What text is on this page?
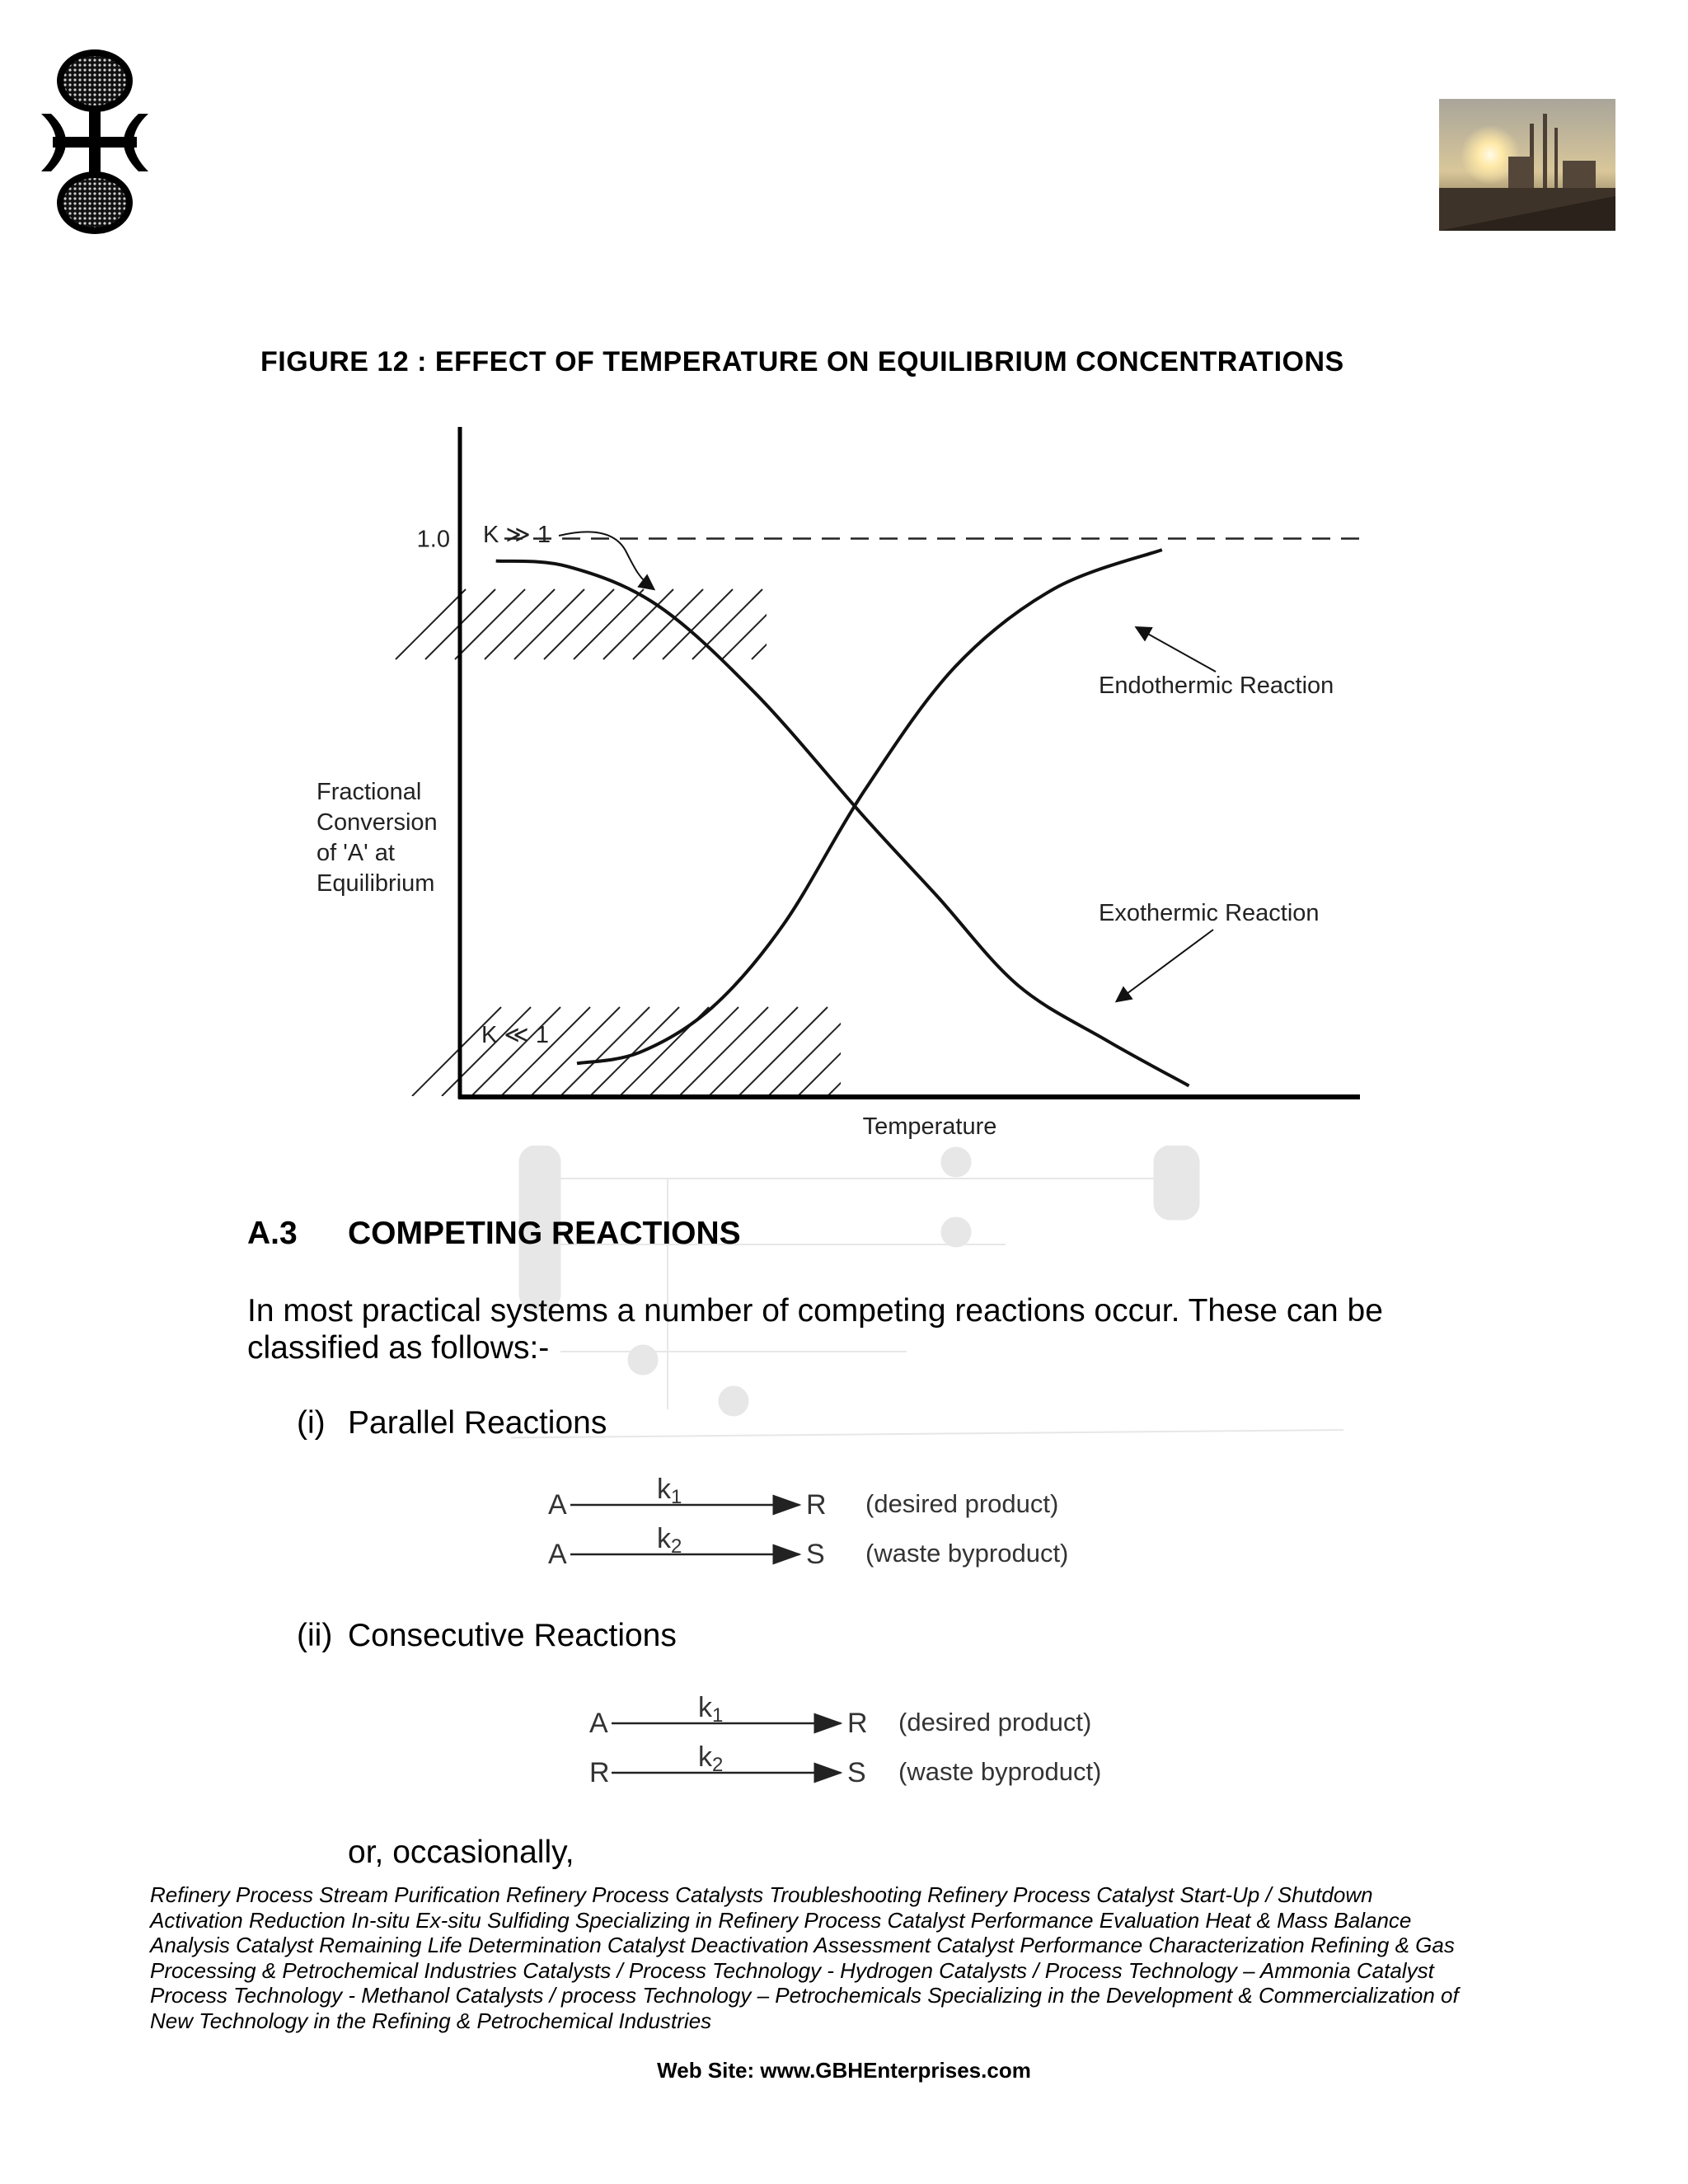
FIGURE 12 : EFFECT OF TEMPERATURE ON EQUILIBRIUM CONCENTRATIONS
1.0 K ≫ 1
K ≪ 1
Endothermic Reaction
Exothermic Reaction
Fractional
Conversion
of 'A' at
Equilibrium
Temperature
A.3 COMPETING REACTIONS
In most practical systems a number of competing reactions occur. These can be classified as follows:-
(i) Parallel Reactions
A	k1	R (desired product)
A	k2	S (waste byproduct)
(ii) Consecutive Reactions
A	k1	R (desired product)
R	k2	S (waste byproduct)
or, occasionally,
Refinery Process Stream Purification Refinery Process Catalysts Troubleshooting Refinery Process Catalyst Start-Up / Shutdown Activation Reduction In-situ Ex-situ Sulfiding Specializing in Refinery Process Catalyst Performance Evaluation Heat & Mass Balance Analysis Catalyst Remaining Life Determination Catalyst Deactivation Assessment Catalyst Performance Characterization Refining & Gas Processing & Petrochemical Industries Catalysts / Process Technology - Hydrogen Catalysts / Process Technology – Ammonia Catalyst Process Technology - Methanol Catalysts / process Technology – Petrochemicals Specializing in the Development & Commercialization of New Technology in the Refining & Petrochemical Industries
Web Site: www.GBHEnterprises.com
